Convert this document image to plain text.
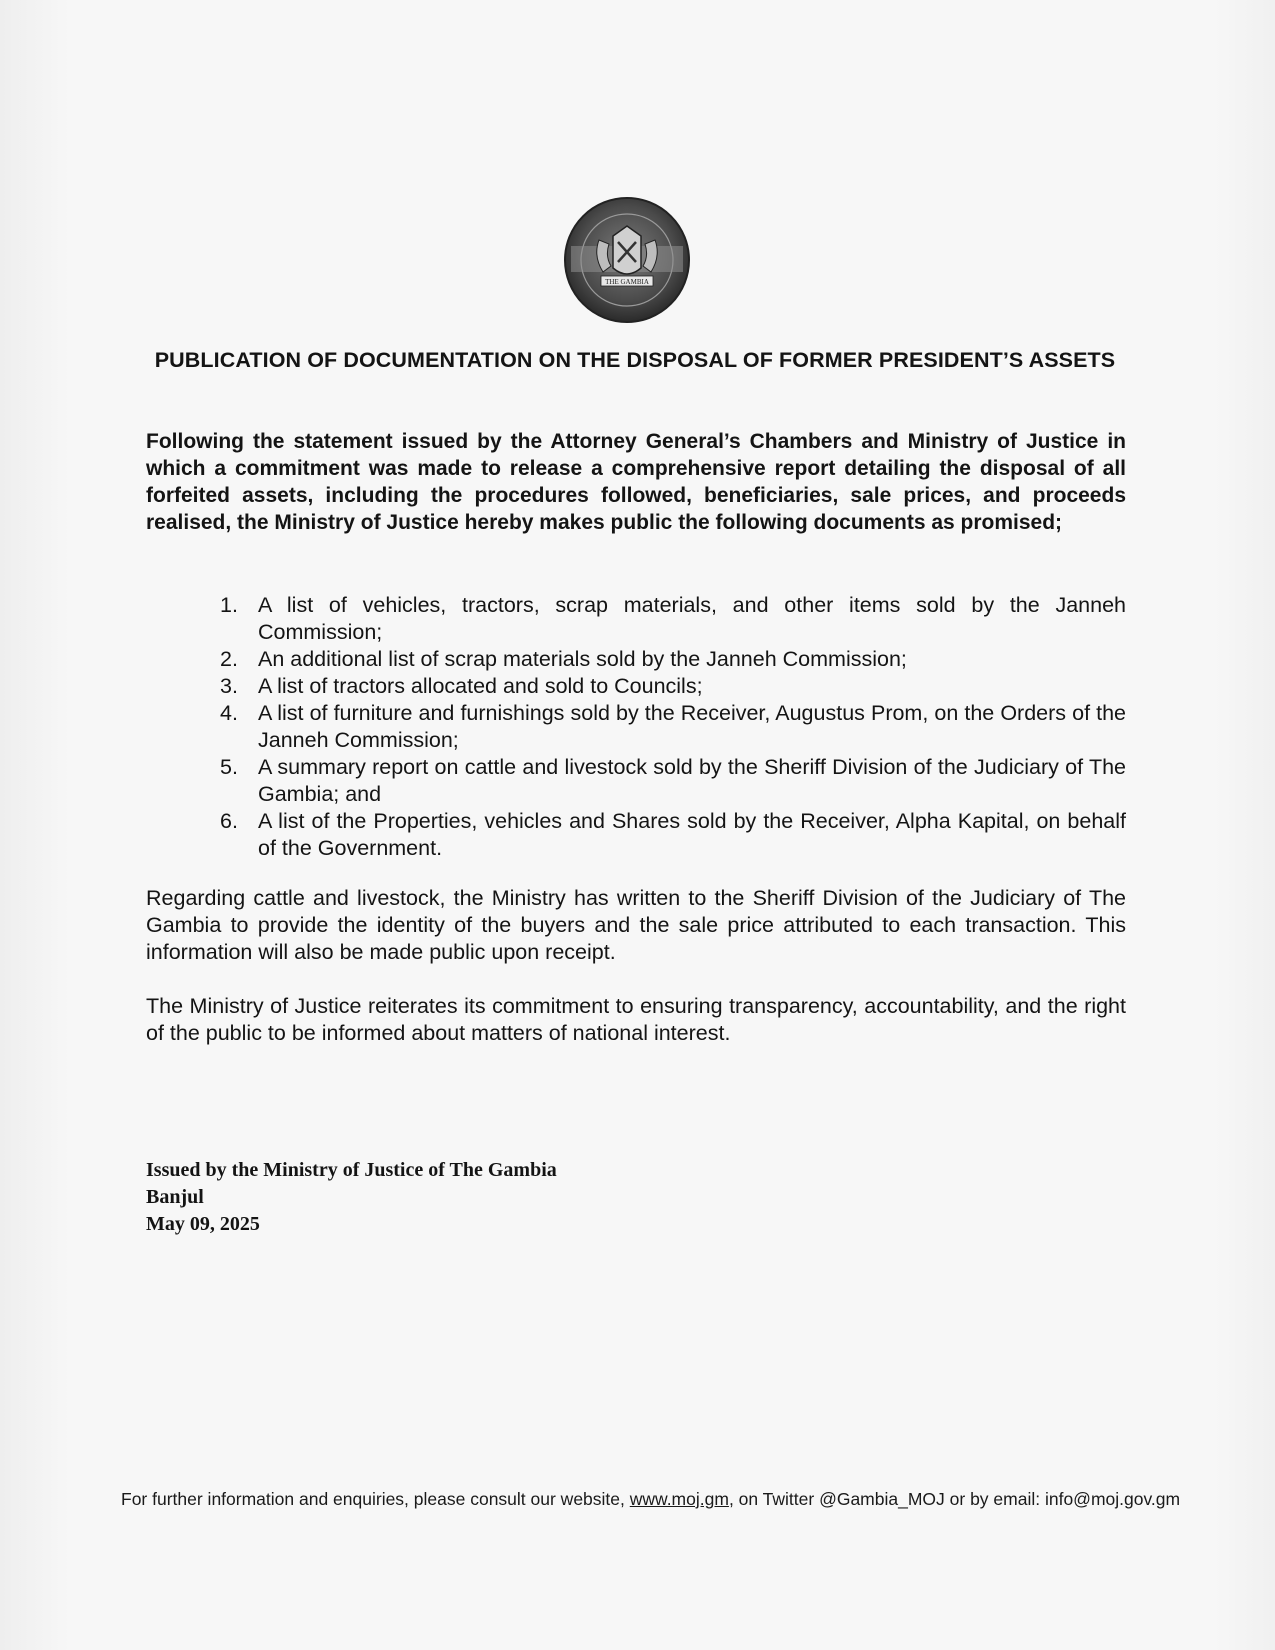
THE GAMBIA
PUBLICATION OF DOCUMENTATION ON THE DISPOSAL OF FORMER PRESIDENT’S ASSETS
Following the statement issued by the Attorney General’s Chambers and Ministry of Justice in which a commitment was made to release a comprehensive report detailing the disposal of all forfeited assets, including the procedures followed, beneficiaries, sale prices, and proceeds realised, the Ministry of Justice hereby makes public the following documents as promised;
1. A list of vehicles, tractors, scrap materials, and other items sold by the Janneh Commission;
2. An additional list of scrap materials sold by the Janneh Commission;
3. A list of tractors allocated and sold to Councils;
4. A list of furniture and furnishings sold by the Receiver, Augustus Prom, on the Orders of the Janneh Commission;
5. A summary report on cattle and livestock sold by the Sheriff Division of the Judiciary of The Gambia; and
6. A list of the Properties, vehicles and Shares sold by the Receiver, Alpha Kapital, on behalf of the Government.
Regarding cattle and livestock, the Ministry has written to the Sheriff Division of the Judiciary of The Gambia to provide the identity of the buyers and the sale price attributed to each transaction. This information will also be made public upon receipt.
The Ministry of Justice reiterates its commitment to ensuring transparency, accountability, and the right of the public to be informed about matters of national interest.
Issued by the Ministry of Justice of The Gambia
Banjul
May 09, 2025
For further information and enquiries, please consult our website, www.moj.gm, on Twitter @Gambia_MOJ or by email: info@moj.gov.gm
